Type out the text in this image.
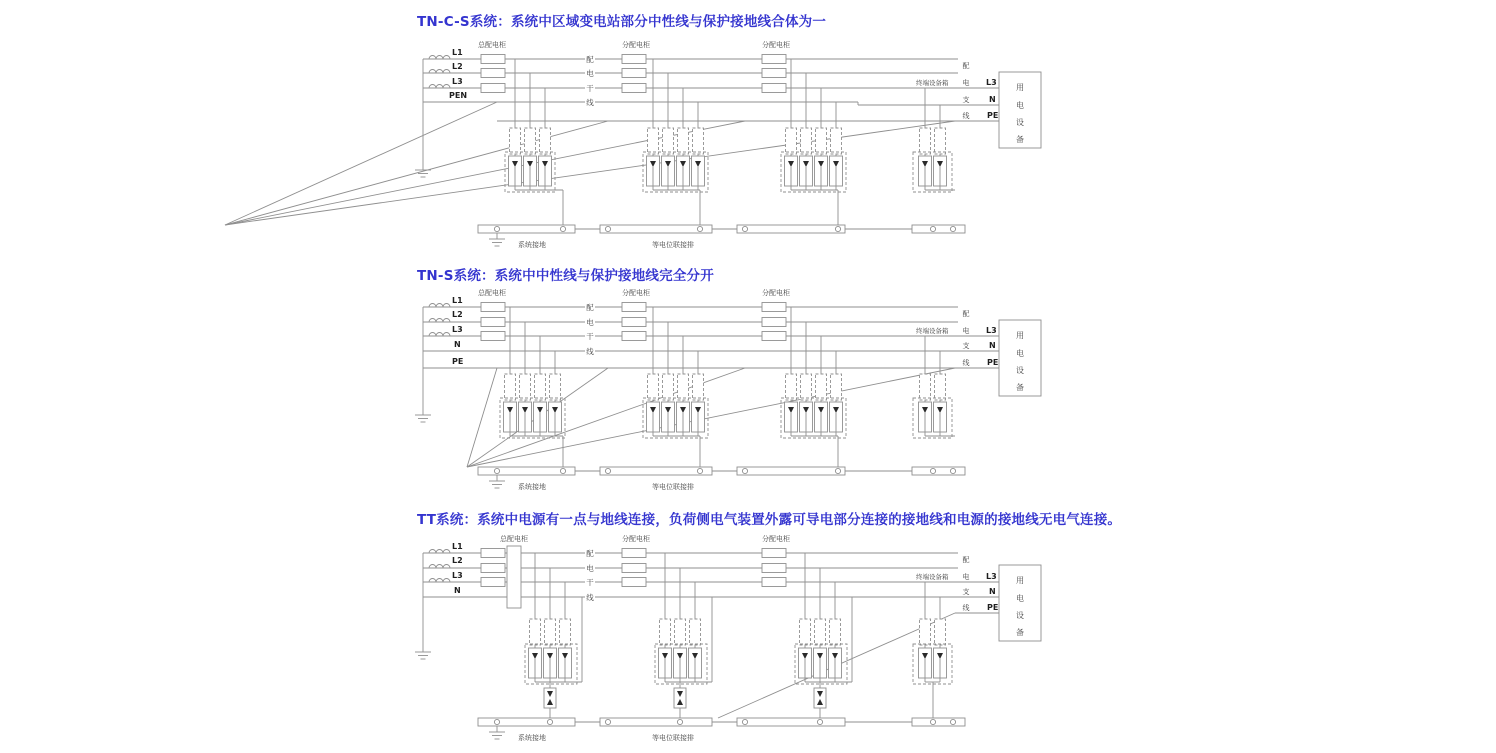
L1
L2
L3
PEN
总配电柜	分配电柜	分配电柜
配
电
干
线
配
电
支
线
终端设备箱	L3
N
PE
用
电
设
备
系统接地	等电位联接排
L1
L2
L3
N
PE
总配电柜	分配电柜	分配电柜
配
电
干
线
配
电
支
线
终端设备箱	L3
N
PE
用
电
设
备
系统接地	等电位联接排
L1
L2
L3
N
总配电柜	分配电柜	分配电柜
配
电
干
线
配
电
支
线
终端设备箱	L3
N
PE
用
电
设
备
系统接地	等电位联接排
TN-C-S系统：系统中区域变电站部分中性线与保护接地线合体为一
TN-S系统：系统中中性线与保护接地线完全分开
TT系统：系统中电源有一点与地线连接，负荷侧电气装置外露可导电部分连接的接地线和电源的接地线无电气连接。
